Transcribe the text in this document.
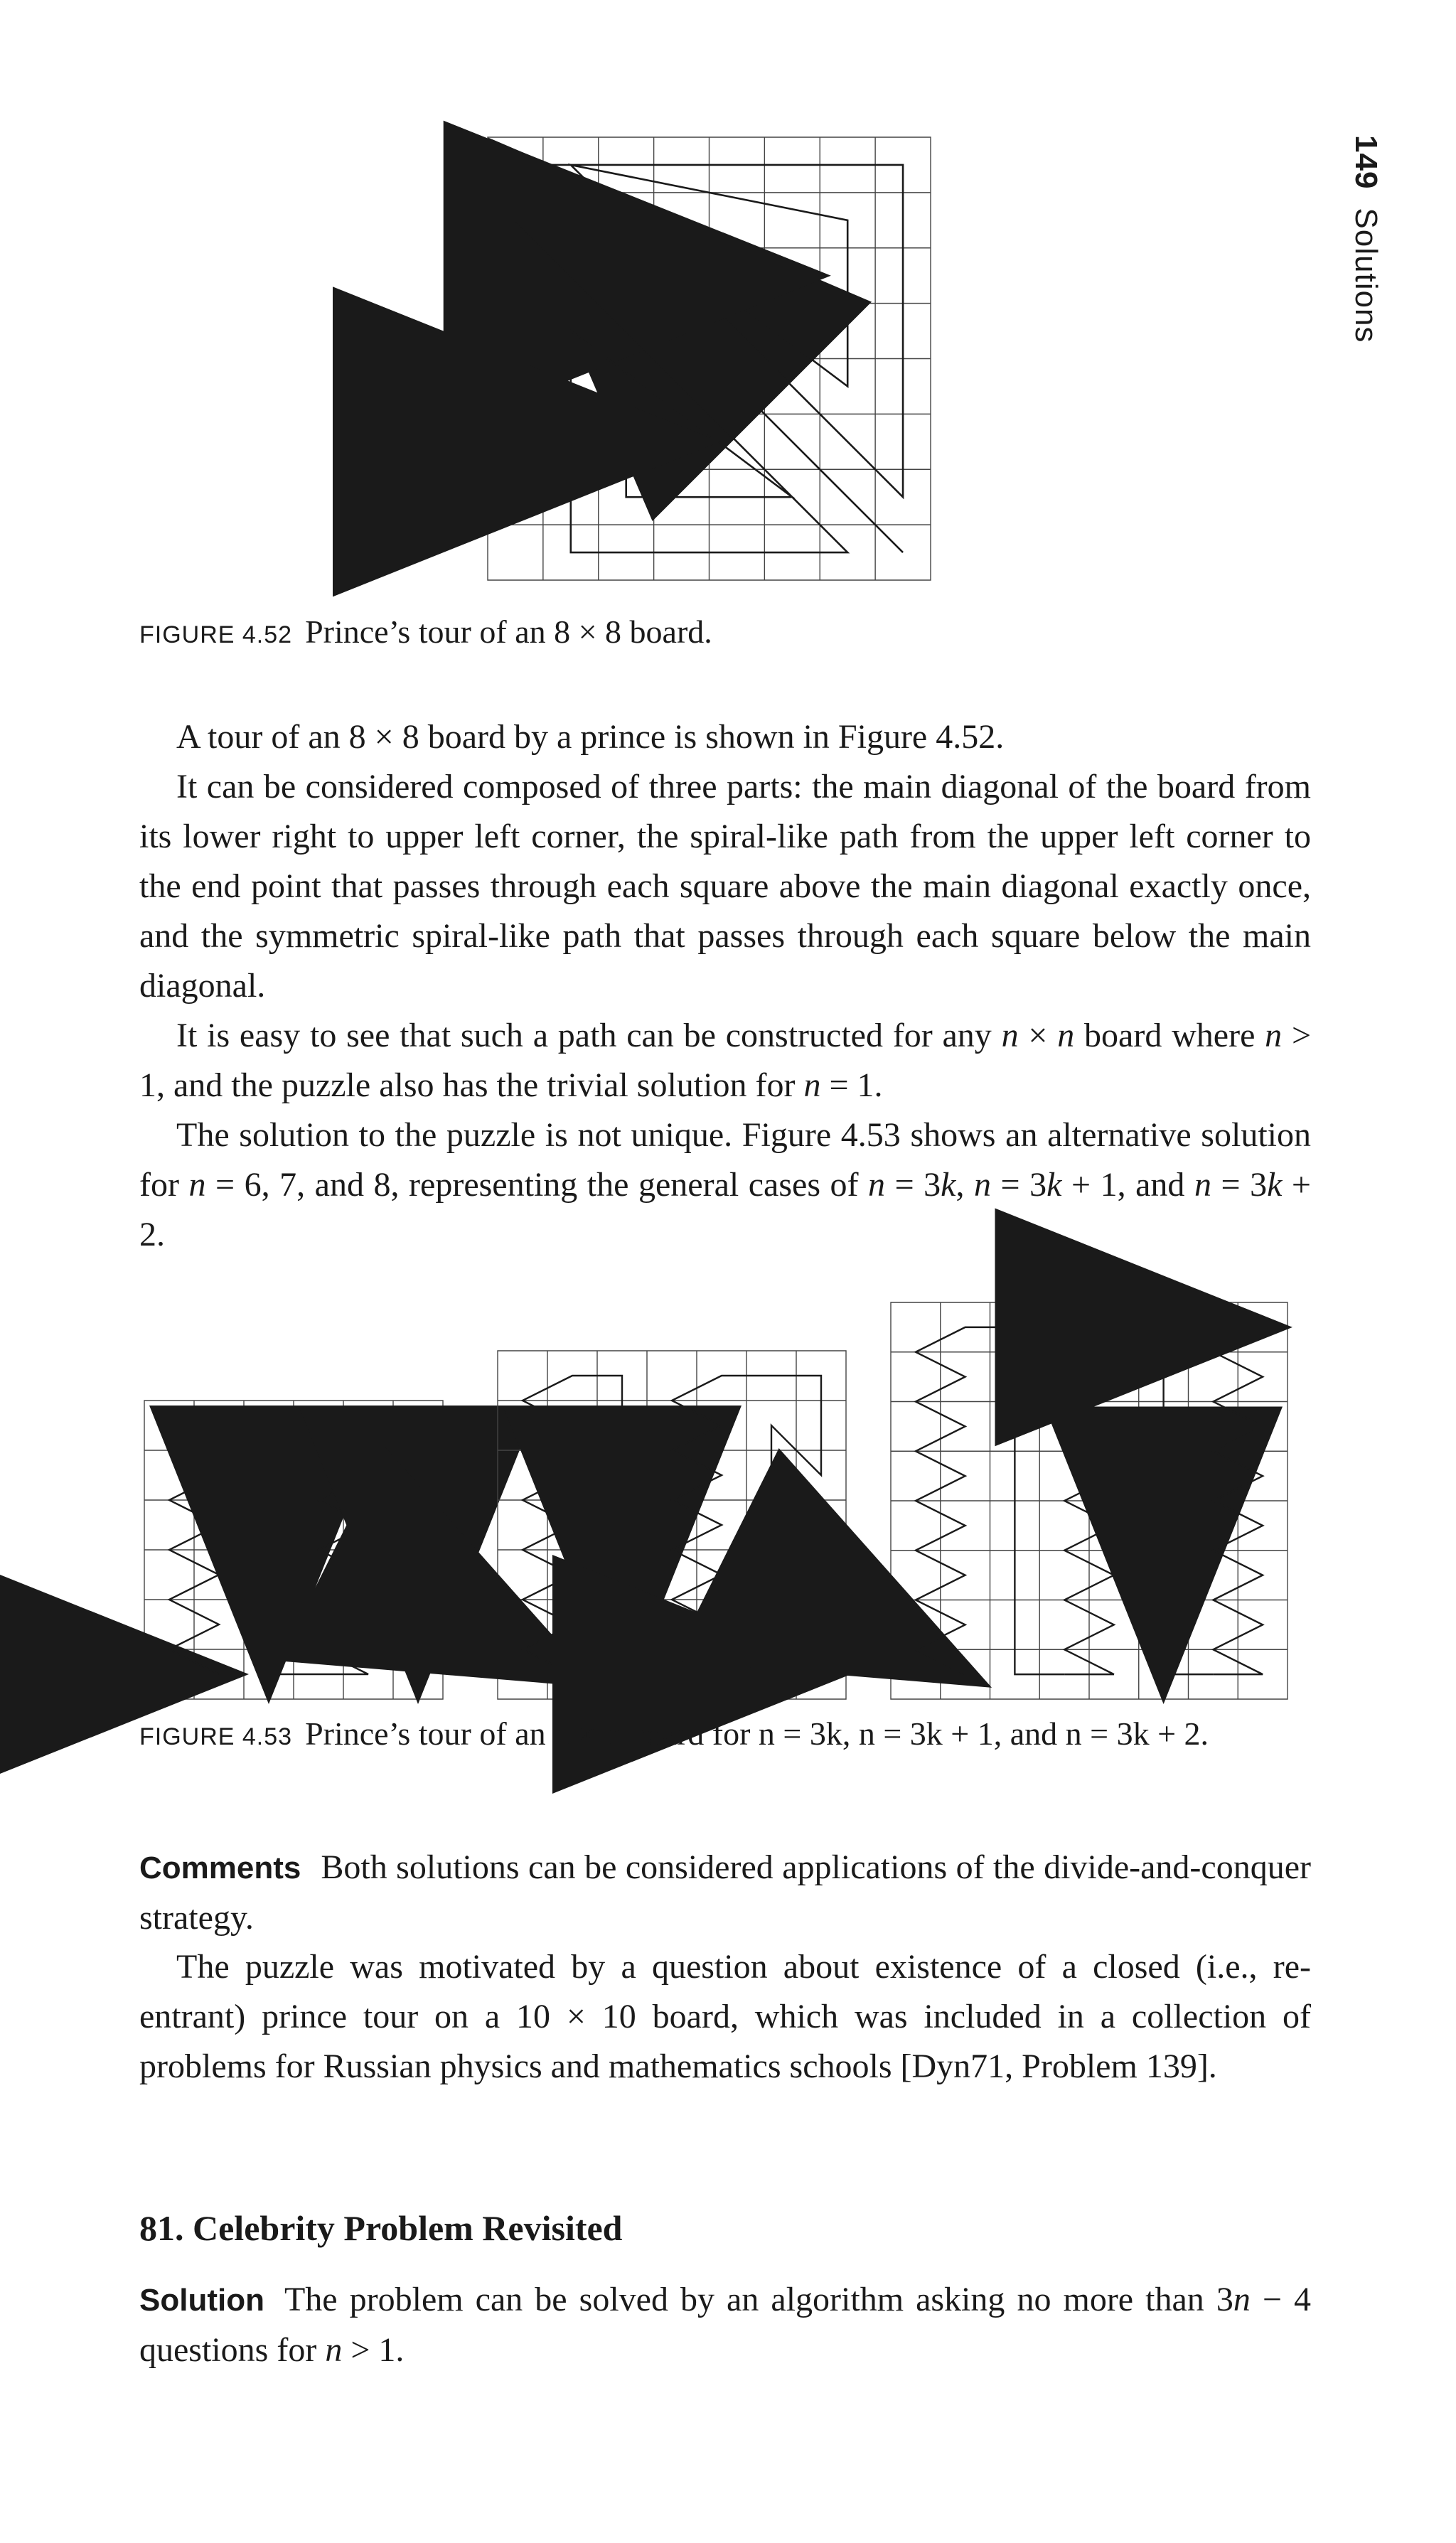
149Solutions
FIGURE 4.52 Prince’s tour of an 8 × 8 board.

A tour of an 8 × 8 board by a prince is shown in Figure 4.52.

It can be considered composed of three parts: the main diagonal of the board from its lower right to upper left corner, the spiral-like path from the upper left corner to the end point that passes through each square above the main diagonal exactly once, and the symmetric spiral-like path that passes through each square below the main diagonal.

It is easy to see that such a path can be constructed for any n × n board where n > 1, and the puzzle also has the trivial solution for n = 1.

The solution to the puzzle is not unique. Figure 4.53 shows an alternative solution for n = 6, 7, and 8, representing the general cases of n = 3k, n = 3k + 1, and n = 3k + 2.

FIGURE 4.53 Prince’s tour of an n × n board for n = 3k, n = 3k + 1, and n = 3k + 2.

Comments Both solutions can be considered applications of the divide-and-conquer strategy.

The puzzle was motivated by a question about existence of a closed (i.e., re-entrant) prince tour on a 10 × 10 board, which was included in a collection of problems for Russian physics and mathematics schools [Dyn71, Problem 139].

81. Celebrity Problem Revisited

Solution The problem can be solved by an algorithm asking no more than 3n − 4 questions for n > 1.
